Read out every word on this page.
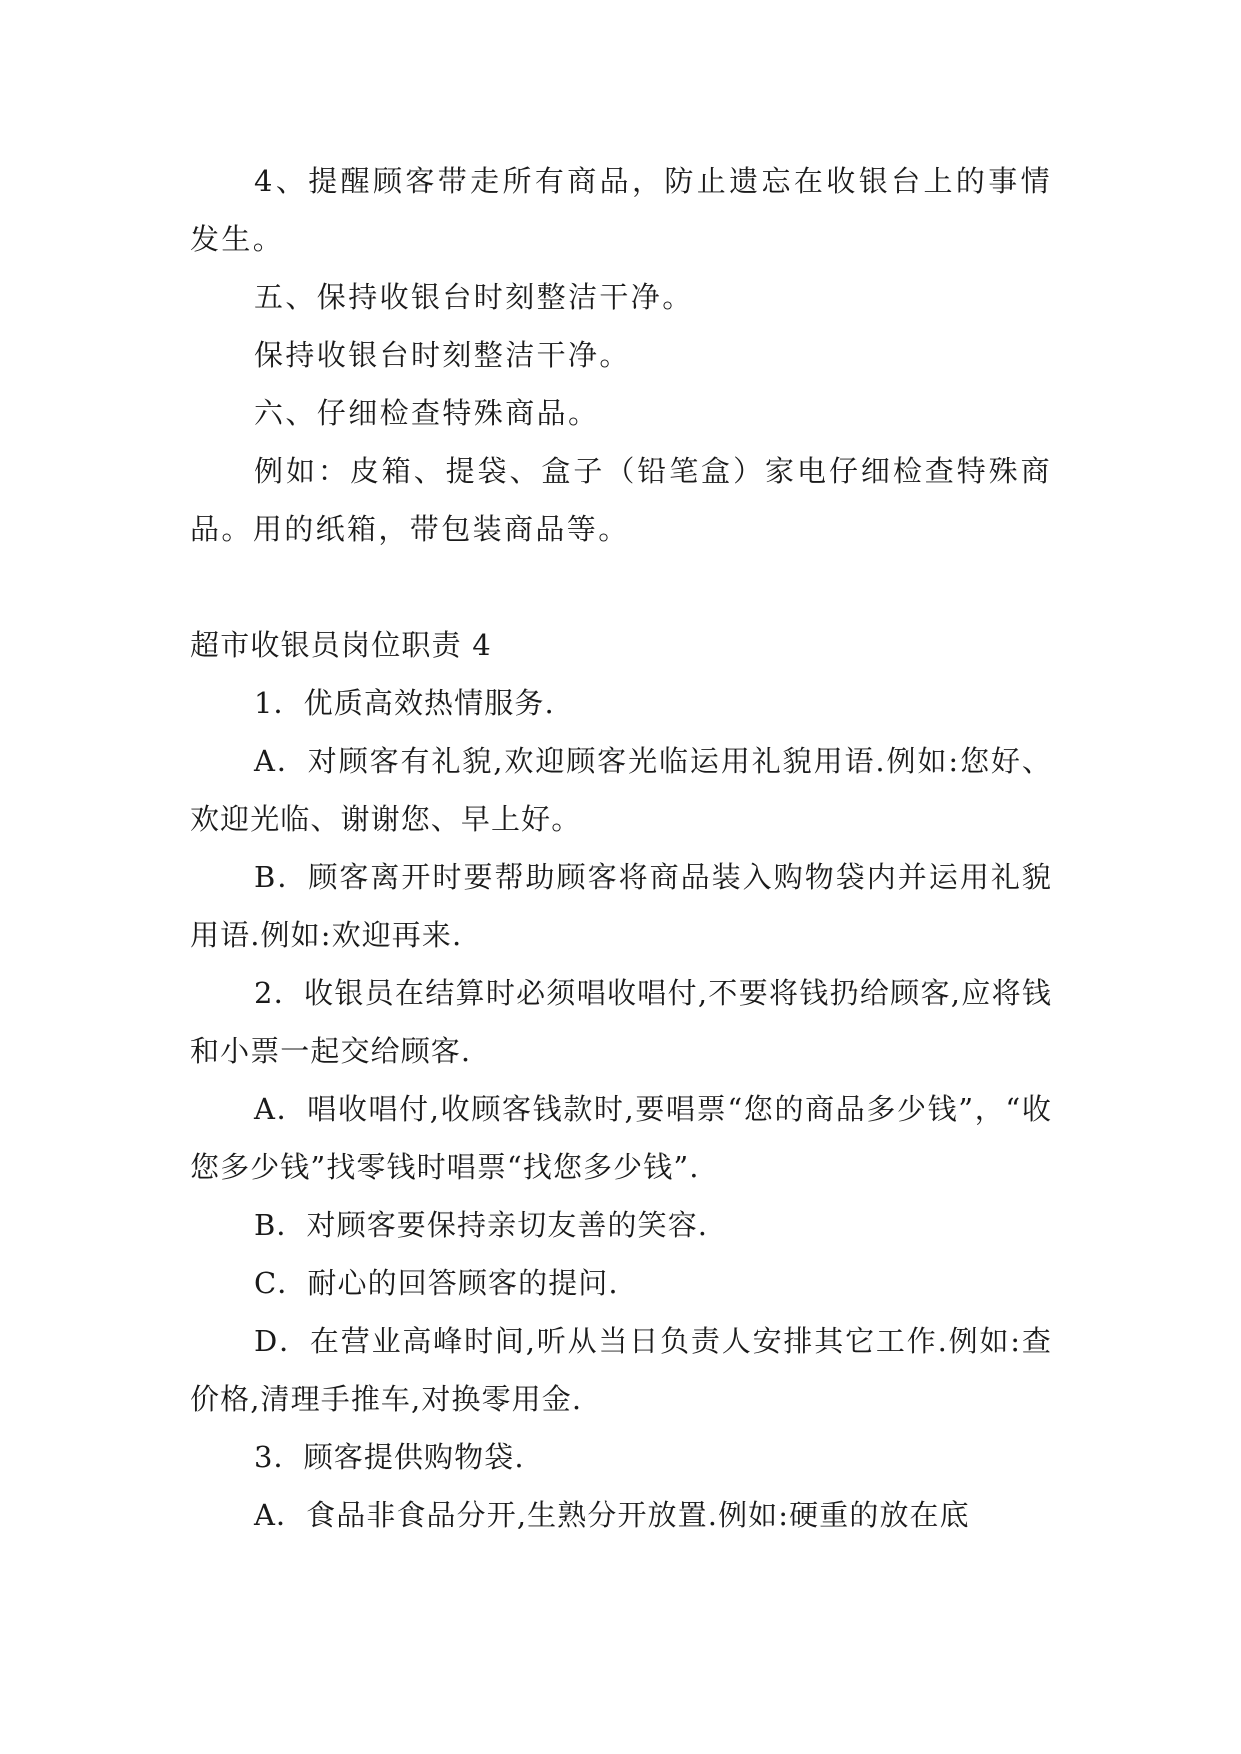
4、提醒顾客带走所有商品，防止遗忘在收银台上的事情发生。

五、保持收银台时刻整洁干净。

保持收银台时刻整洁干净。

六、仔细检查特殊商品。

例如：皮箱、提袋、盒子（铅笔盒）家电仔细检查特殊商品。用的纸箱，带包装商品等。

超市收银员岗位职责 4

1．优质高效热情服务.

A．对顾客有礼貌,欢迎顾客光临运用礼貌用语.例如:您好、欢迎光临、谢谢您、早上好。

B．顾客离开时要帮助顾客将商品装入购物袋内并运用礼貌用语.例如:欢迎再来.

2．收银员在结算时必须唱收唱付,不要将钱扔给顾客,应将钱和小票一起交给顾客.

A．唱收唱付,收顾客钱款时,要唱票“您的商品多少钱”，“收您多少钱”找零钱时唱票“找您多少钱”.

B．对顾客要保持亲切友善的笑容.

C．耐心的回答顾客的提问.

D．在营业高峰时间,听从当日负责人安排其它工作.例如:查价格,清理手推车,对换零用金.

3．顾客提供购物袋.

A．食品非食品分开,生熟分开放置.例如:硬重的放在底
